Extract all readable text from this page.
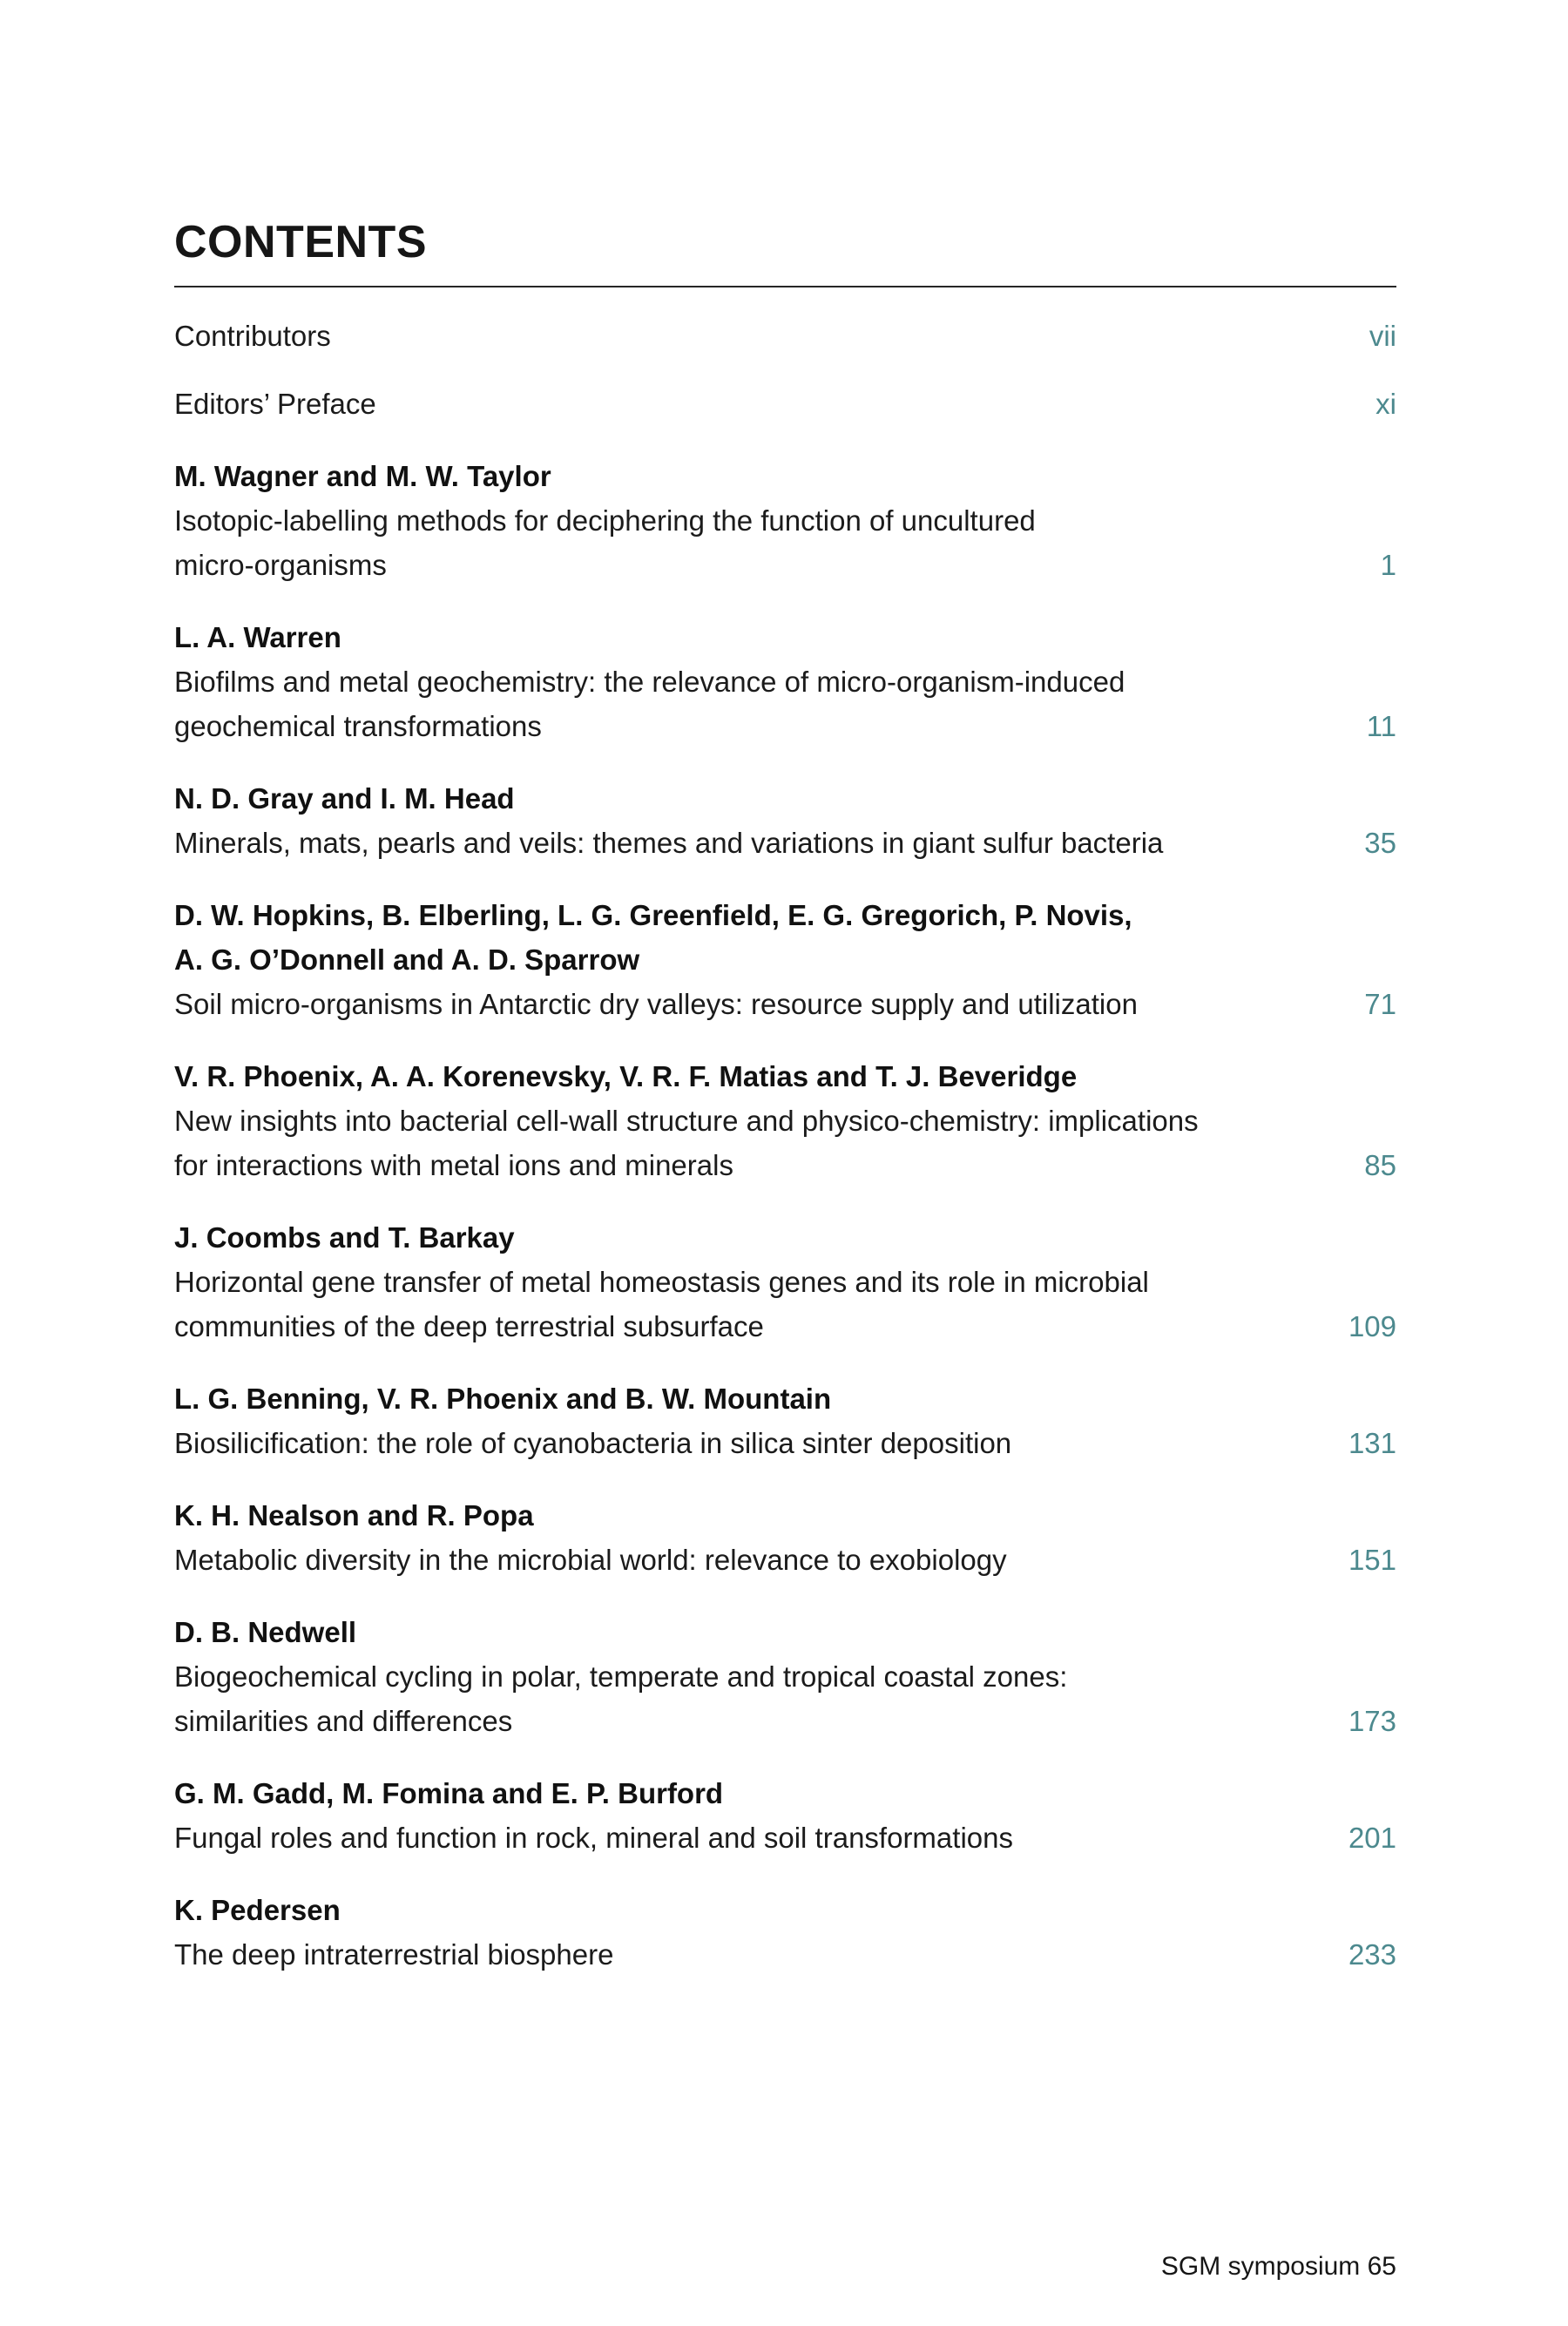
CONTENTS
Contributors	vii
Editors’ Preface	xi
M. Wagner and M. W. Taylor
Isotopic-labelling methods for deciphering the function of uncultured
micro-organisms	1
L. A. Warren
Biofilms and metal geochemistry: the relevance of micro-organism-induced
geochemical transformations	11
N. D. Gray and I. M. Head
Minerals, mats, pearls and veils: themes and variations in giant sulfur bacteria	35
D. W. Hopkins, B. Elberling, L. G. Greenfield, E. G. Gregorich, P. Novis,
A. G. O’Donnell and A. D. Sparrow
Soil micro-organisms in Antarctic dry valleys: resource supply and utilization	71
V. R. Phoenix, A. A. Korenevsky, V. R. F. Matias and T. J. Beveridge
New insights into bacterial cell-wall structure and physico-chemistry: implications
for interactions with metal ions and minerals	85
J. Coombs and T. Barkay
Horizontal gene transfer of metal homeostasis genes and its role in microbial
communities of the deep terrestrial subsurface	109
L. G. Benning, V. R. Phoenix and B. W. Mountain
Biosilicification: the role of cyanobacteria in silica sinter deposition	131
K. H. Nealson and R. Popa
Metabolic diversity in the microbial world: relevance to exobiology	151
D. B. Nedwell
Biogeochemical cycling in polar, temperate and tropical coastal zones:
similarities and differences	173
G. M. Gadd, M. Fomina and E. P. Burford
Fungal roles and function in rock, mineral and soil transformations	201
K. Pedersen
The deep intraterrestrial biosphere	233
SGM symposium 65
